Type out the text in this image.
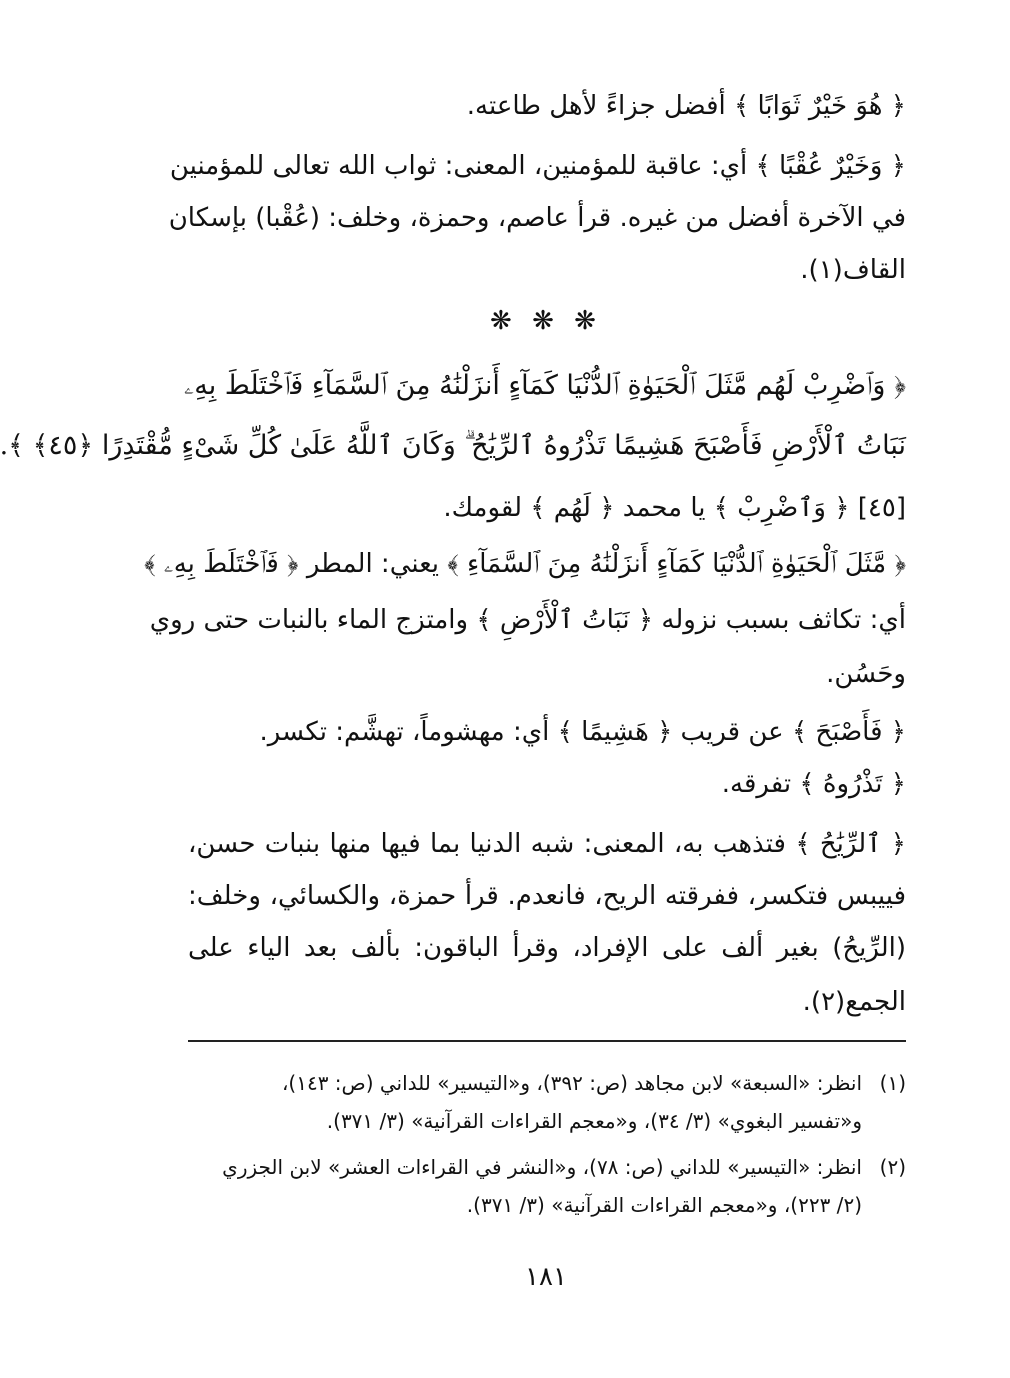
﴿ هُوَ خَيْرٌ ثَوَابًا ﴾ أفضل جزاءً لأهل طاعته.
﴿ وَخَيْرٌ عُقْبًا ﴾ أي: عاقبة للمؤمنين، المعنى: ثواب الله تعالى للمؤمنين
في الآخرة أفضل من غيره. قرأ عاصم، وحمزة، وخلف: (عُقْبا) بإسكان
القاف(١).
❋ ❋ ❋
﴿ وَٱضْرِبْ لَهُم مَّثَلَ ٱلْحَيَوٰةِ ٱلدُّنْيَا كَمَآءٍ أَنزَلْنَٰهُ مِنَ ٱلسَّمَآءِ فَٱخْتَلَطَ بِهِۦ
نَبَاتُ ٱلْأَرْضِ فَأَصْبَحَ هَشِيمًا تَذْرُوهُ ٱلرِّيَٰحُ ۗ وَكَانَ ٱللَّهُ عَلَىٰ كُلِّ شَىْءٍ مُّقْتَدِرًا ﴿٤٥﴾ ﴾.
[٤٥] ﴿ وَٱضْرِبْ ﴾ يا محمد ﴿ لَهُم ﴾ لقومك.
﴿ مَّثَلَ ٱلْحَيَوٰةِ ٱلدُّنْيَا كَمَآءٍ أَنزَلْنَٰهُ مِنَ ٱلسَّمَآءِ ﴾ يعني: المطر ﴿ فَٱخْتَلَطَ بِهِۦ ﴾
أي: تكاثف بسبب نزوله ﴿ نَبَاتُ ٱلْأَرْضِ ﴾ وامتزج الماء بالنبات حتى روي
وحَسُن.
﴿ فَأَصْبَحَ ﴾ عن قريب ﴿ هَشِيمًا ﴾ أي: مهشوماً، تهشَّم: تكسر.
﴿ تَذْرُوهُ ﴾ تفرقه.
﴿ ٱلرِّيَٰحُ ﴾ فتذهب به، المعنى: شبه الدنيا بما فيها منها بنبات حسن،
فييبس فتكسر، ففرقته الريح، فانعدم. قرأ حمزة، والكسائي، وخلف:
(الرِّيحُ) بغير ألف على الإفراد، وقرأ الباقون: بألف بعد الياء على
الجمع(٢).
(١)انظر: «السبعة» لابن مجاهد (ص: ٣٩٢)، و«التيسير» للداني (ص: ١٤٣)،
و«تفسير البغوي» (٣/ ٣٤)، و«معجم القراءات القرآنية» (٣/ ٣٧١).
(٢)انظر: «التيسير» للداني (ص: ٧٨)، و«النشر في القراءات العشر» لابن الجزري
(٢/ ٢٢٣)، و«معجم القراءات القرآنية» (٣/ ٣٧١).
١٨١
